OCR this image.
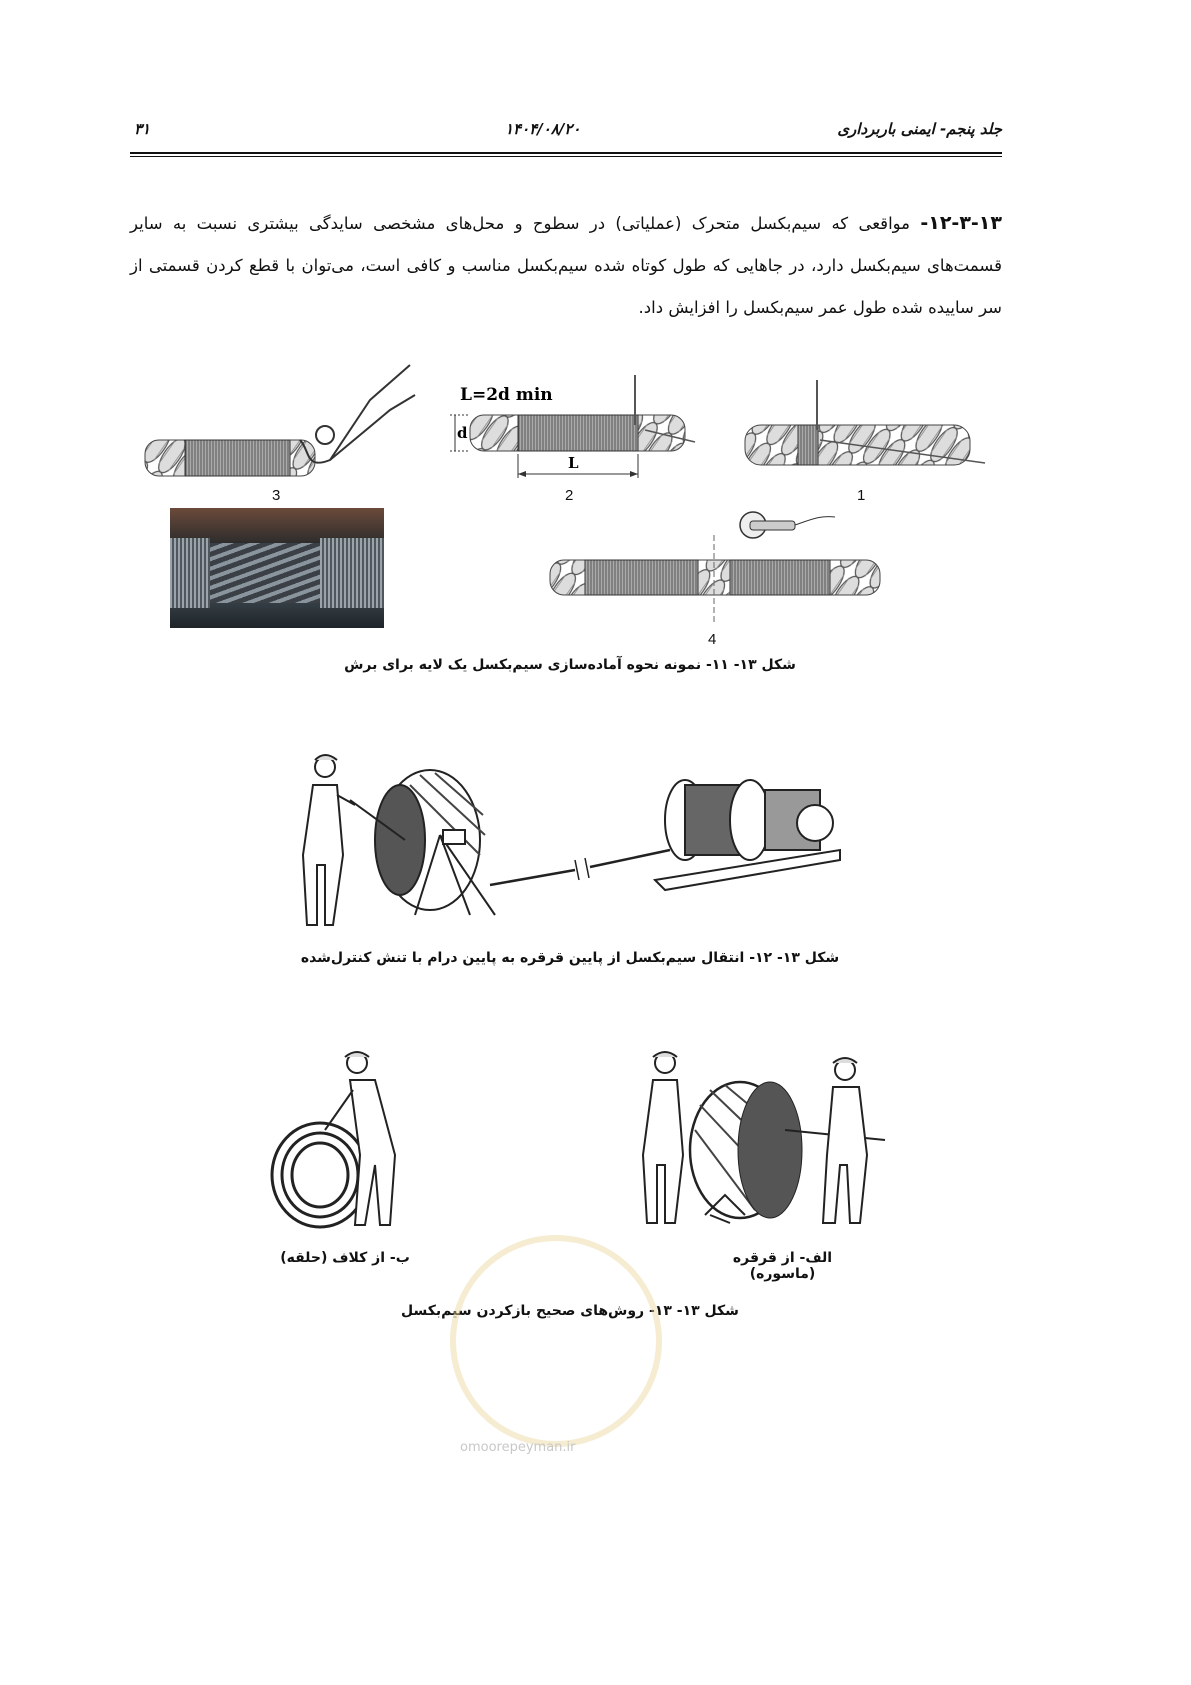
۳۱	۱۴۰۴/۰۸/۲۰	جلد پنجم- ایمنی باربرداری
۱۲-۳-۱۳- مواقعی که سیم‌بکسل متحرک (عملیاتی) در سطوح و محل‌های مشخصی سایدگی بیشتری نسبت به سایر قسمت‌های سیم‌بکسل دارد، در جاهایی که طول کوتاه شده سیم‌بکسل مناسب و کافی است، می‌توان با قطع کردن قسمتی از سر ساییده شده طول عمر سیم‌بکسل را افزایش داد.
3
L=2d min
d
L
2	1
4
شکل ۱۳- ۱۱- نمونه نحوه آماده‌سازی سیم‌بکسل یک لایه برای برش
شکل ۱۳- ۱۲- انتقال سیم‌بکسل از پایین قرقره به پایین درام با تنش کنترل‌شده
ب- از کلاف (حلقه)	الف- از قرقره (ماسوره)
شکل ۱۳- ۱۳- روش‌های صحیح بازکردن سیم‌بکسل
omoorepeyman.ir
